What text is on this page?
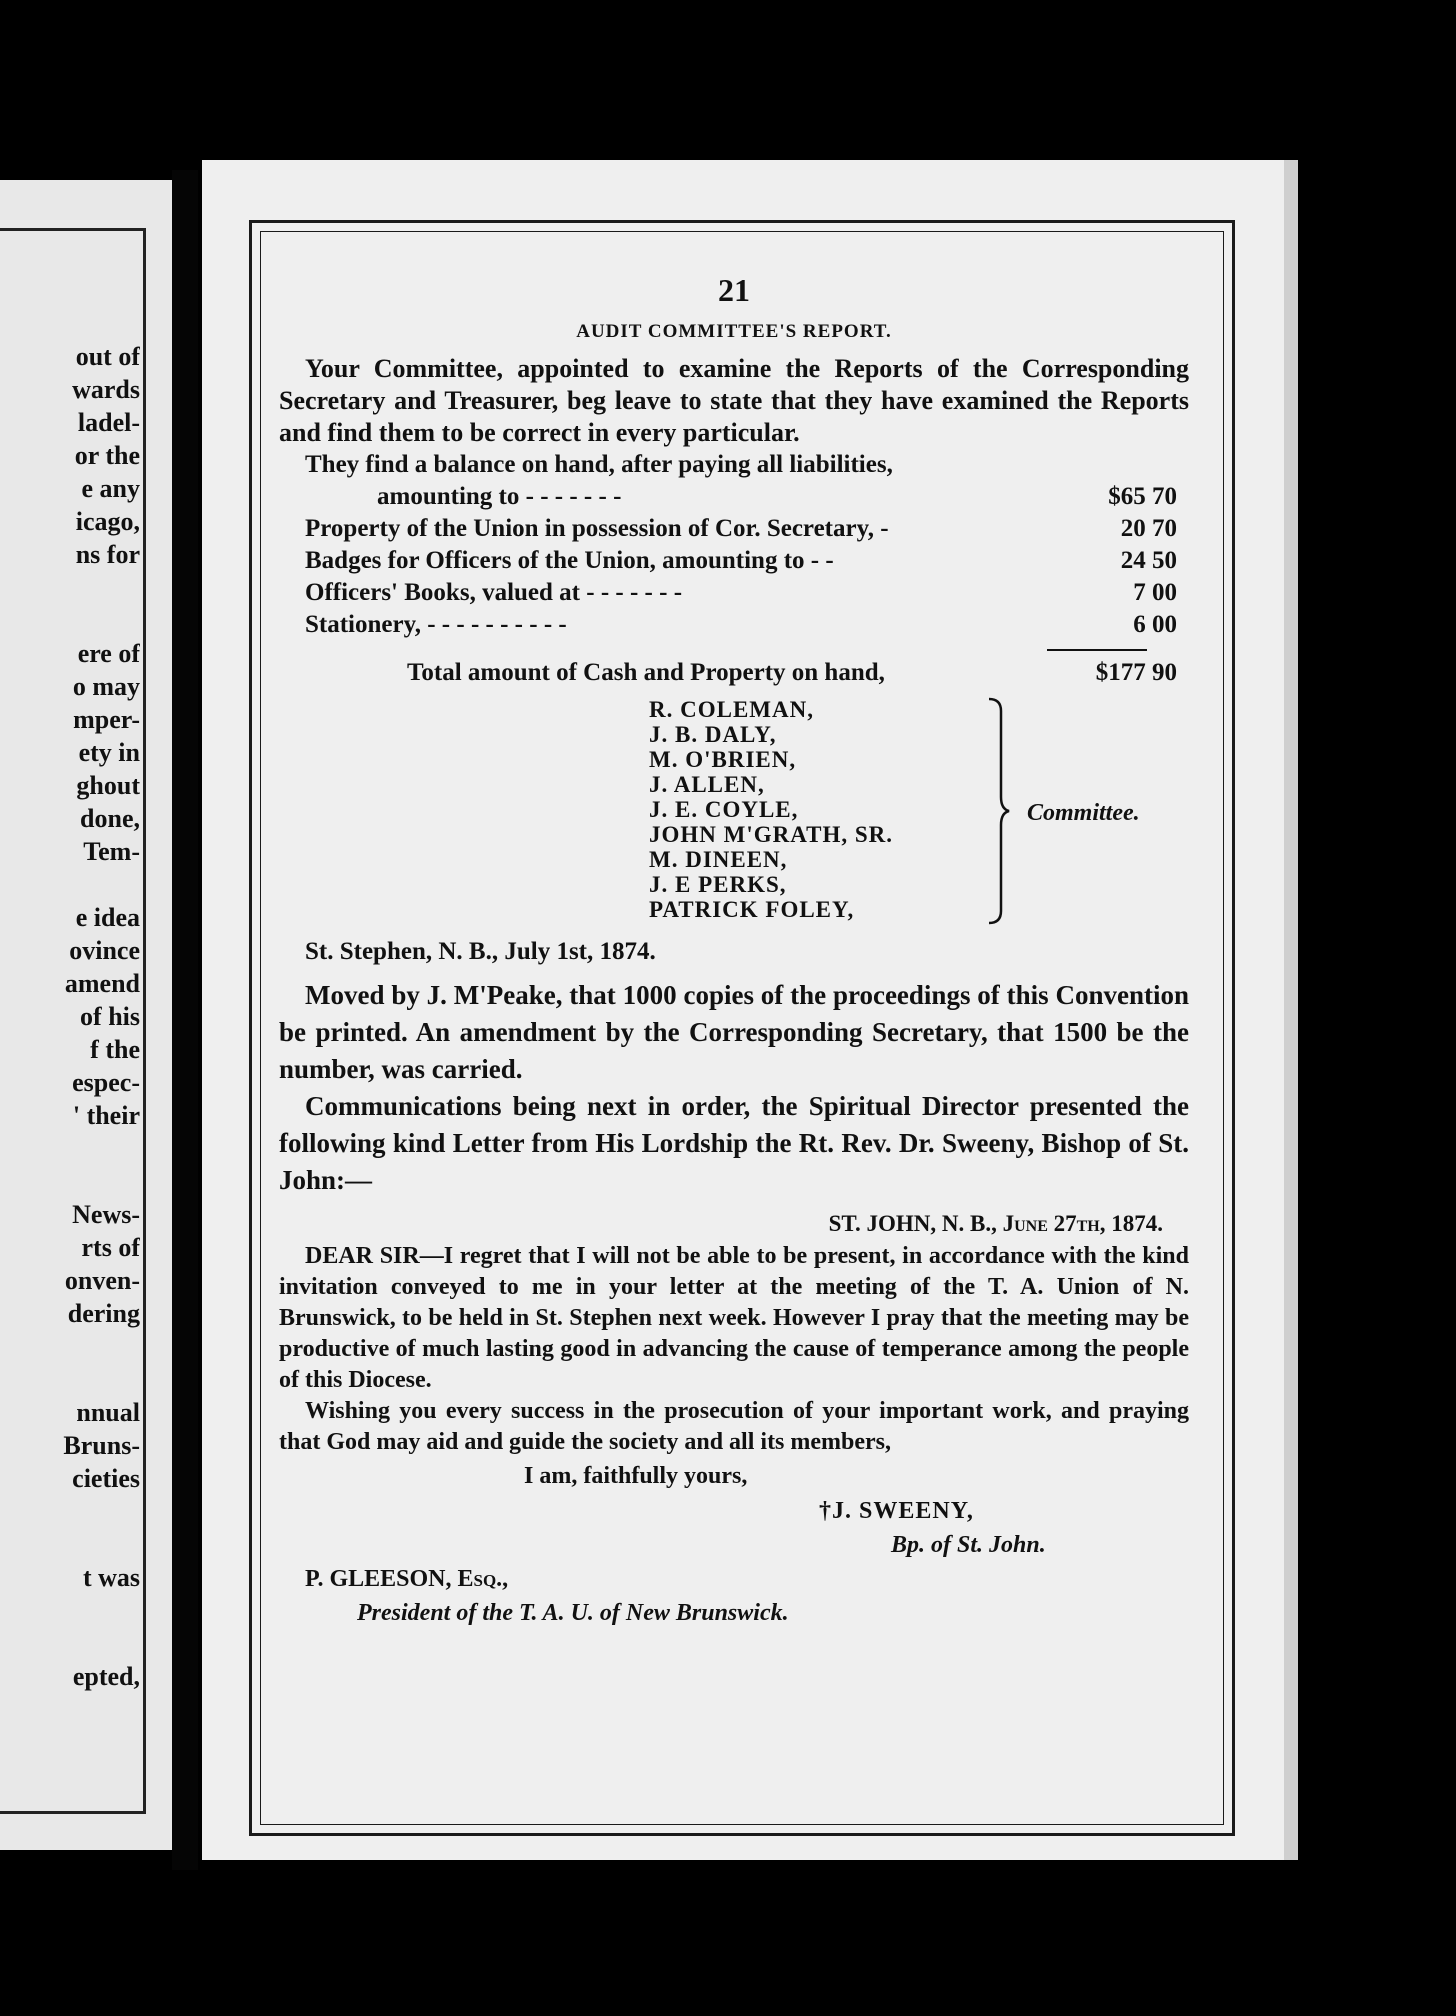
out of
wards
ladel-
or the
e any
icago,
ns for
ere of
o may
mper-
ety in
ghout
done,
Tem-
e idea
ovince
amend
of his
f the
espec-
' their
News-
rts of
onven-
dering
nnual
Bruns-
cieties
t was
epted,
21
AUDIT COMMITTEE'S REPORT.

Your Committee, appointed to examine the Reports of the Corresponding Secretary and Treasurer, beg leave to state that they have examined the Reports and find them to be correct in every particular.

They find a balance on hand, after paying all liabilities,
amounting to - - - - - - -	$65 70
Property of the Union in possession of Cor. Secretary, -	20 70
Badges for Officers of the Union, amounting to - -	24 50
Officers' Books, valued at - - - - - - -	7 00
Stationery, - - - - - - - - - -	6 00
Total amount of Cash and Property on hand,	$177 90
R. COLEMAN,
J. B. DALY,
M. O'BRIEN,
J. ALLEN,
J. E. COYLE,
JOHN M'GRATH, SR.
M. DINEEN,
J. E PERKS,
PATRICK FOLEY,
Committee.
St. Stephen, N. B., July 1st, 1874.

Moved by J. M'Peake, that 1000 copies of the proceedings of this Convention be printed. An amendment by the Corresponding Secretary, that 1500 be the number, was carried.

Communications being next in order, the Spiritual Director presented the following kind Letter from His Lordship the Rt. Rev. Dr. Sweeny, Bishop of St. John:—

ST. JOHN, N. B., June 27th, 1874.

DEAR SIR—I regret that I will not be able to be present, in accordance with the kind invitation conveyed to me in your letter at the meeting of the T. A. Union of N. Brunswick, to be held in St. Stephen next week. However I pray that the meeting may be productive of much lasting good in advancing the cause of temperance among the people of this Diocese.

Wishing you every success in the prosecution of your important work, and praying that God may aid and guide the society and all its members,

I am, faithfully yours,
†J. SWEENY,
Bp. of St. John.
P. GLEESON, Esq.,
President of the T. A. U. of New Brunswick.
